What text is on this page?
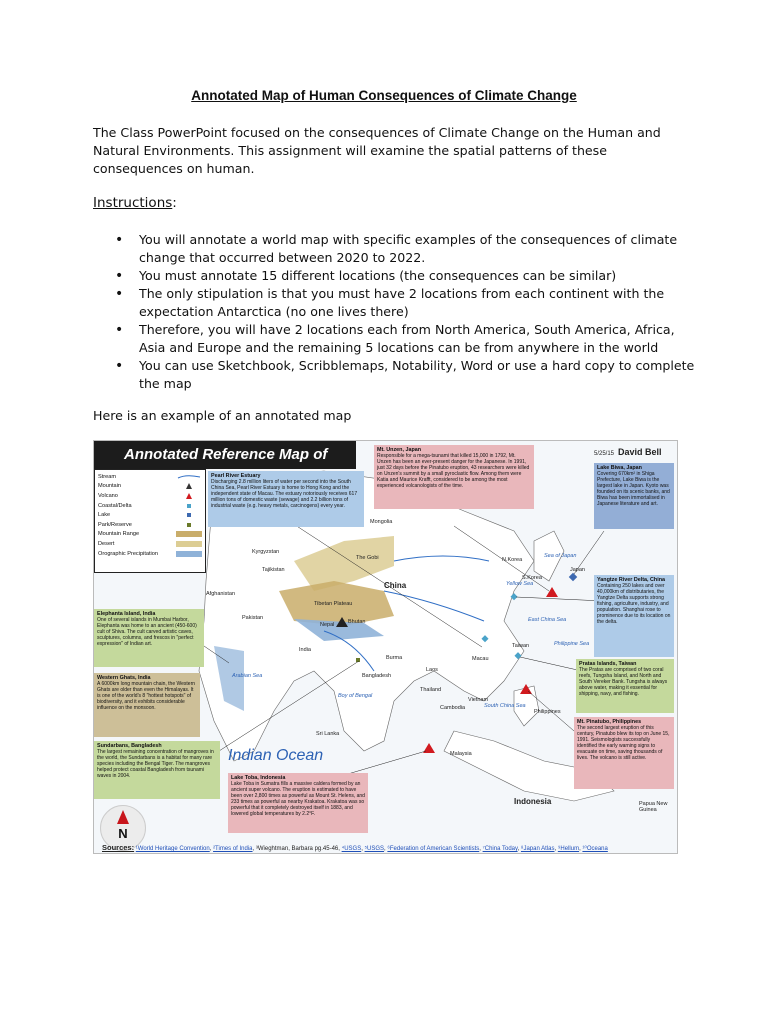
Annotated Map of Human Consequences of Climate Change
The Class PowerPoint focused on the consequences of Climate Change on the Human and Natural Environments. This assignment will examine the spatial patterns of these consequences on human.
Instructions:
• You will annotate a world map with specific examples of the consequences of climate change that occurred between 2020 to 2022.
• You must annotate 15 different locations (the consequences can be similar)
• The only stipulation is that you must have 2 locations from each continent with the expectation Antarctica (no one lives there)
• Therefore, you will have 2 locations each from North America, South America, Africa, Asia and Europe and the remaining 5 locations can be from anywhere in the world
• You can use Sketchbook, Scribblemaps, Notability, Word or use a hard copy to complete the map
Here is an example of an annotated map
Annotated Reference Map of	5/25/15 David Bell
Stream
Mountain
Volcano
Coastal/Delta
Lake
Park/Reserve
Mountain Range
Desert
Orographic Precipitation
Pearl River Estuary
Discharging 2.8 million liters of water per second into the South China Sea, Pearl River Estuary is home to Hong Kong and the independent state of Macau. The estuary notoriously receives 617 million tons of domestic waste (sewage) and 2.2 billion tons of industrial waste (e.g. heavy metals, carcinogens) every year.
Mt. Unzen, Japan
Responsible for a mega-tsunami that killed 15,000 in 1792, Mt. Unzen has been an ever-present danger for the Japanese. In 1991, just 32 days before the Pinatubo eruption, 43 researchers were killed on Unzen's summit by a small pyroclastic flow. Among them were Katia and Maurice Krafft, considered to be among the most experienced volcanologists of the time.
Lake Biwa, Japan
Covering 670km² in Shiga Prefecture, Lake Biwa is the largest lake in Japan. Kyoto was founded on its scenic banks, and Biwa has been immortalised in Japanese literature and art.
Yangtze River Delta, China
Containing 250 lakes and over 40,000km of distributaries, the Yangtze Delta supports strong fishing, agriculture, industry, and population. Shanghai rose to prominence due to its location on the delta.
Elephanta Island, India
One of several islands in Mumbai Harbor, Elephanta was home to an ancient (450-600) cult of Shiva. The cult carved artistic caves, sculptures, columns, and frescos in "perfect expression" of Indian art.
Western Ghats, India
A 6000km long mountain chain, the Western Ghats are older than even the Himalayas. It is one of the world's 8 "hottest hotspots" of biodiversity, and it exhibits considerable influence on the monsoon.
Sundarbans, Bangladesh
The largest remaining concentration of mangroves in the world, the Sundarbans is a habitat for many rare species including the Bengal Tiger. The mangroves helped protect coastal Bangladesh from tsunami waves in 2004.	Lake Toba, Indonesia
Lake Toba in Sumatra fills a massive caldera formed by an ancient super volcano. The eruption is estimated to have been over 2,800 times as powerful as Mount St. Helens, and 233 times as powerful as nearby Krakatoa. Krakatoa was so powerful that it completely destroyed itself in 1883, and lowered global temperatures by 2.2°F.
Pratas Islands, Taiwan
The Pratas are comprised of two coral reefs, Tungsha Island, and North and South Vereker Bank. Tungsha is always above water, making it essential for shipping, navy, and fishing.
Mt. Pinatubo, Philippines
The second largest eruption of this century, Pinatubo blew its top on June 15, 1991. Seismologists successfully identified the early warning signs to evacuate on time, saving thousands of lives. The volcano is still active.
Mongolia
China
The Gobi
Tibetan Plateau
Kyrgyzstan
Tajikistan
Afghanistan
Pakistan
India
Nepal Bhutan
Bangladesh
Burma
Laos
Thailand
Cambodia
Vietnam
Malaysia
Indonesia
Philippines
Taiwan
N.Korea
S.Korea
Japan
Sri Lanka
Macau
Papua New Guinea
Arabian Sea
Boy of Bengal
Yellow Sea
East China Sea
Sea of Japan
South China Sea
Philippine Sea
Indian Ocean
N
Sources: ¹World Heritage Convention, ²Times of India, ³Wieghtman, Barbara pg.45-46, ⁴USGS, ⁵USGS, ⁶Federation of American Scientists, ⁷China Today, ⁸Japan Atlas, ⁹Hellum, ¹⁰Oceana
